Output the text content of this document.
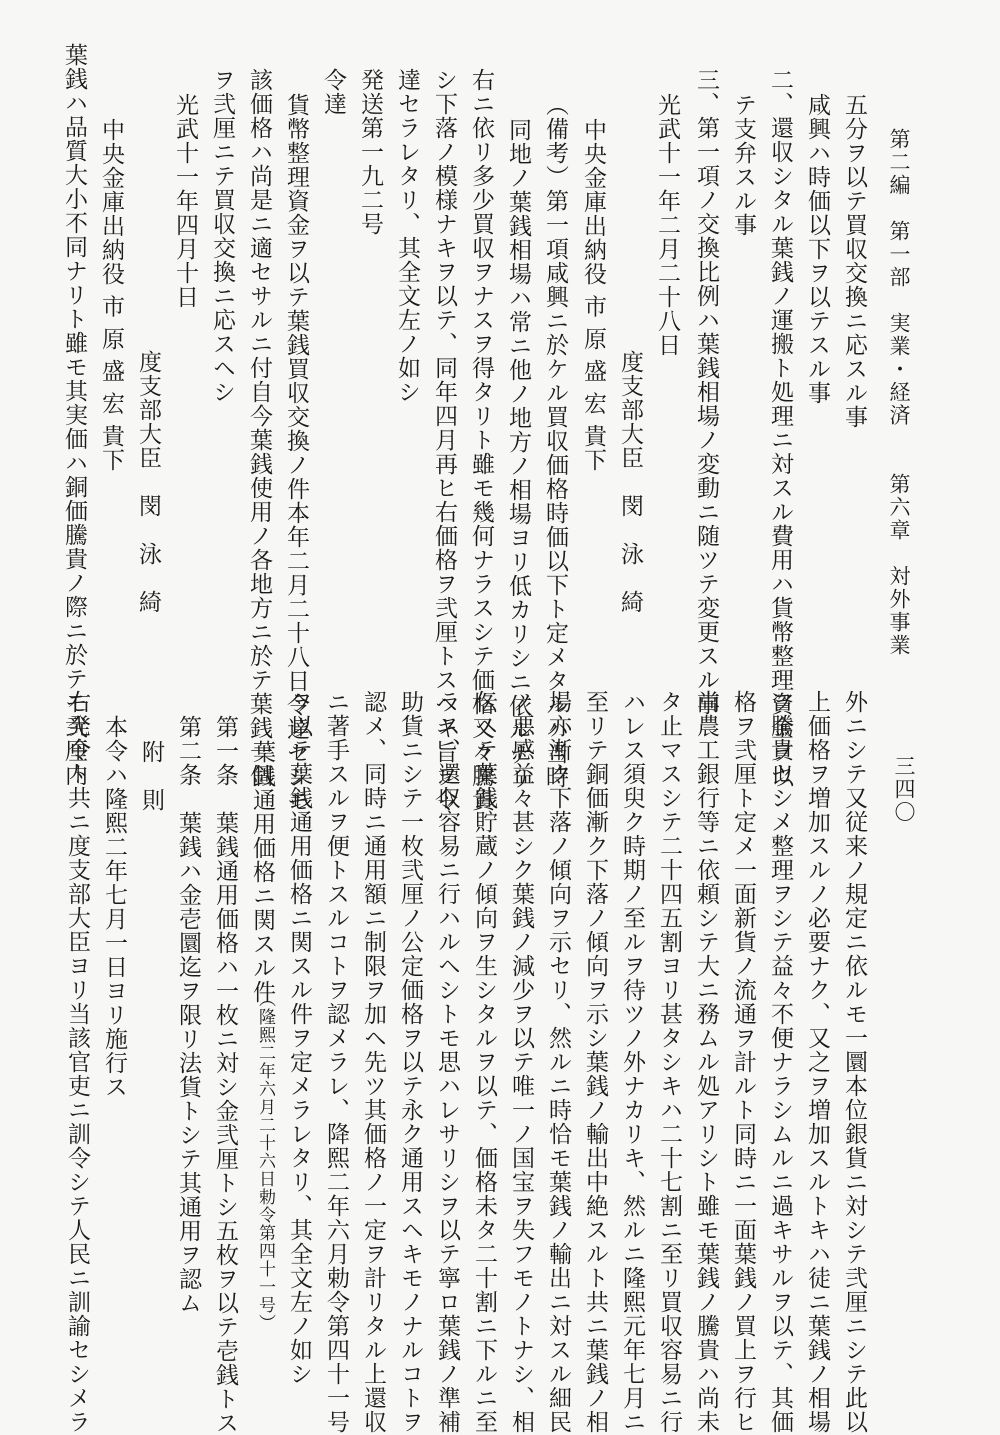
第二編　第一部　実業・経済　　第六章　対外事業
三四〇
五分ヲ以テ買収交換ニ応スル事
咸興ハ時価以下ヲ以テスル事
二、還収シタル葉銭ノ運搬ト処理ニ対スル費用ハ貨幣整理資金ヲ以
テ支弁スル事
三、第一項ノ交換比例ハ葉銭相場ノ変動ニ随ツテ変更スル事
光武十一年二月二十八日
度支部大臣　閔　泳　綺
中央金庫出納役 市 原 盛 宏 貴下
（備考）第一項咸興ニ於ケル買収価格時価以下ト定メタルハ当時
同地ノ葉銭相場ハ常ニ他ノ地方ノ相場ヨリ低カリシニ依ルナリ
右ニ依リ多少買収ヲナスヲ得タリト雖モ幾何ナラスシテ価格又々騰貴
シ下落ノ模様ナキヲ以テ、同年四月再ヒ右価格ヲ弐厘トスヘキ旨ヲ令
達セラレタリ、其全文左ノ如シ
発送第一九二号
令達
貨幣整理資金ヲ以テ葉銭買収交換ノ件本年二月二十八日令達セシモ
該価格ハ尚是ニ適セサルニ付自今葉銭使用ノ各地方ニ於テ葉銭一個
ヲ弐厘ニテ買収交換ニ応スヘシ
光武十一年四月十日
度支部大臣　閔　泳　綺
中央金庫出納役 市 原 盛 宏 貴下
葉銭ハ品質大小不同ナリト雖モ其実価ハ銅価騰貴ノ際ニ於テモ弐厘内
外ニシテ又従来ノ規定ニ依ルモ一圜本位銀貨ニ対シテ弐厘ニシテ此以
上価格ヲ増加スルノ必要ナク、又之ヲ増加スルトキハ徒ニ葉銭ノ相場
ヲ騰貴セシメ整理ヲシテ益々不便ナラシムルニ過キサルヲ以テ、其価
格ヲ弐厘ト定メ一面新貨ノ流通ヲ計ルト同時ニ一面葉銭ノ買上ヲ行ヒ
尚農工銀行等ニ依頼シテ大ニ務ムル処アリシト雖モ葉銭ノ騰貴ハ尚未
タ止マスシテ二十四五割ヨリ甚タシキハ二十七割ニ至リ買収容易ニ行
ハレス須臾ク時期ノ至ルヲ待ツノ外ナカリキ、然ルニ隆熙元年七月ニ
至リテ銅価漸ク下落ノ傾向ヲ示シ葉銭ノ輸出中絶スルト共ニ葉銭ノ相
場亦漸ク下落ノ傾向ヲ示セリ、然ルニ時恰モ葉銭ノ輸出ニ対スル細民
ノ悪感益々甚シク葉銭ノ減少ヲ以テ唯一ノ国宝ヲ失フモノトナシ、相
伝ヘテ葉銭貯蔵ノ傾向ヲ生シタルヲ以テ、価格未タ二十割ニ下ルニ至
ラス、還収容易ニ行ハルヘシトモ思ハレサリシヲ以テ寧ロ葉銭ノ準補
助貨ニシテ一枚弐厘ノ公定価格ヲ以テ永ク通用スヘキモノナルコトヲ
認メ、同時ニ通用額ニ制限ヲ加ヘ先ツ其価格ノ一定ヲ計リタル上還収
ニ著手スルヲ便トスルコトヲ認メラレ、降熙二年六月勅令第四十一号
ヲ以テ葉銭通用価格ニ関スル件ヲ定メラレタリ、其全文左ノ如シ
葉銭通用価格ニ関スル件
（隆熙二年六月二十六日勅令第四十一号）
第一条　葉銭通用価格ハ一枚ニ対シ金弐厘トシ五枚ヲ以テ壱銭トス
第二条　葉銭ハ金壱圜迄ヲ限リ法貨トシテ其通用ヲ認ム
附　則
本令ハ隆熙二年七月一日ヨリ施行ス
右発令ト共ニ度支部大臣ヨリ当該官吏ニ訓令シテ人民ニ訓諭セシメラ
